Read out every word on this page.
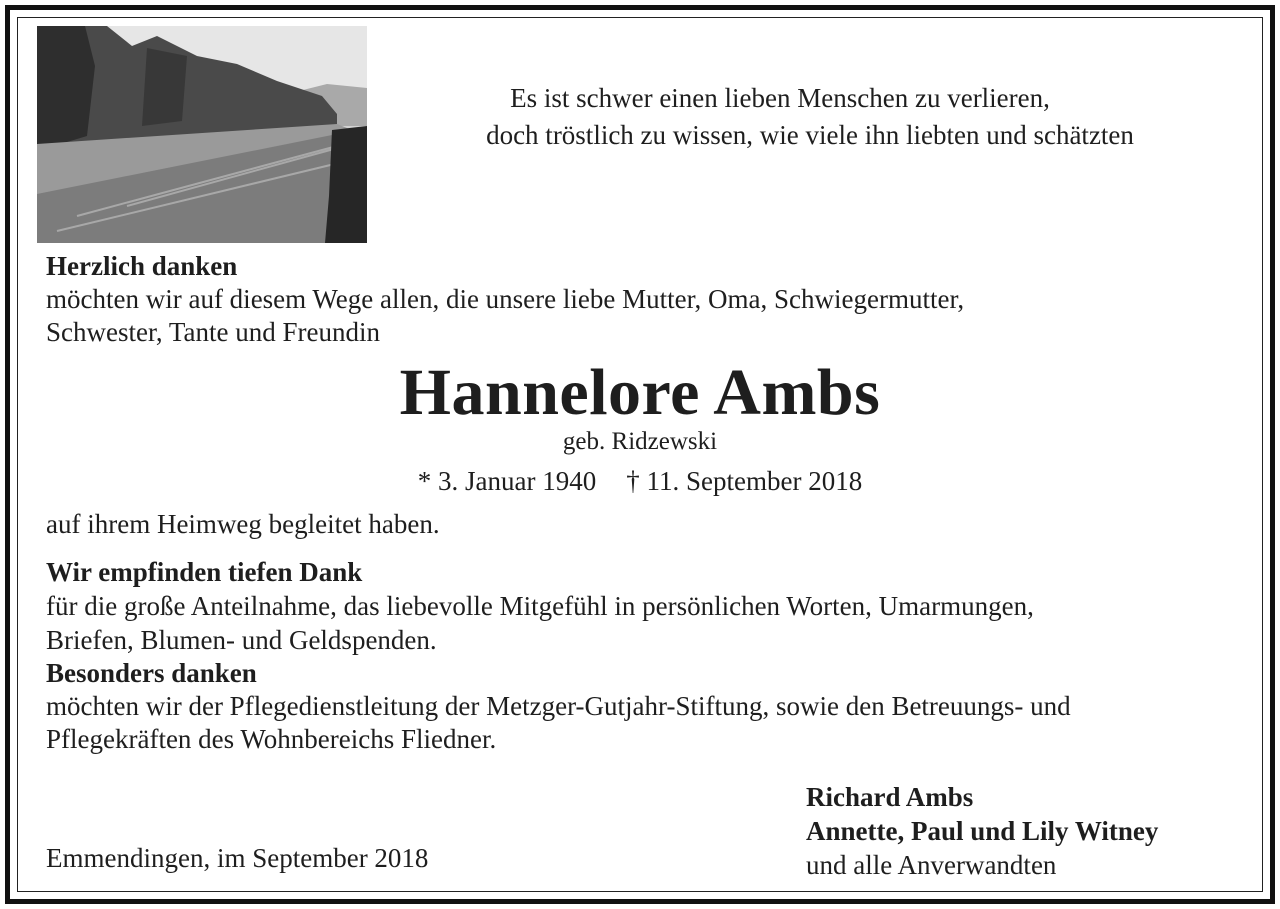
Es ist schwer einen lieben Menschen zu verlieren,
doch tröstlich zu wissen, wie viele ihn liebten und schätzten
Herzlich danken
möchten wir auf diesem Wege allen, die unsere liebe Mutter, Oma, Schwiegermutter,
Schwester, Tante und Freundin
Hannelore Ambs
geb. Ridzewski
* 3. Januar 1940 † 11. September 2018
auf ihrem Heimweg begleitet haben.
Wir empfinden tiefen Dank
für die große Anteilnahme, das liebevolle Mitgefühl in persönlichen Worten, Umarmungen,
Briefen, Blumen- und Geldspenden.
Besonders danken
möchten wir der Pflegedienstleitung der Metzger-Gutjahr-Stiftung, sowie den Betreuungs- und
Pflegekräften des Wohnbereichs Fliedner.
Richard Ambs
Annette, Paul und Lily Witney
und alle Anverwandten
Emmendingen, im September 2018
